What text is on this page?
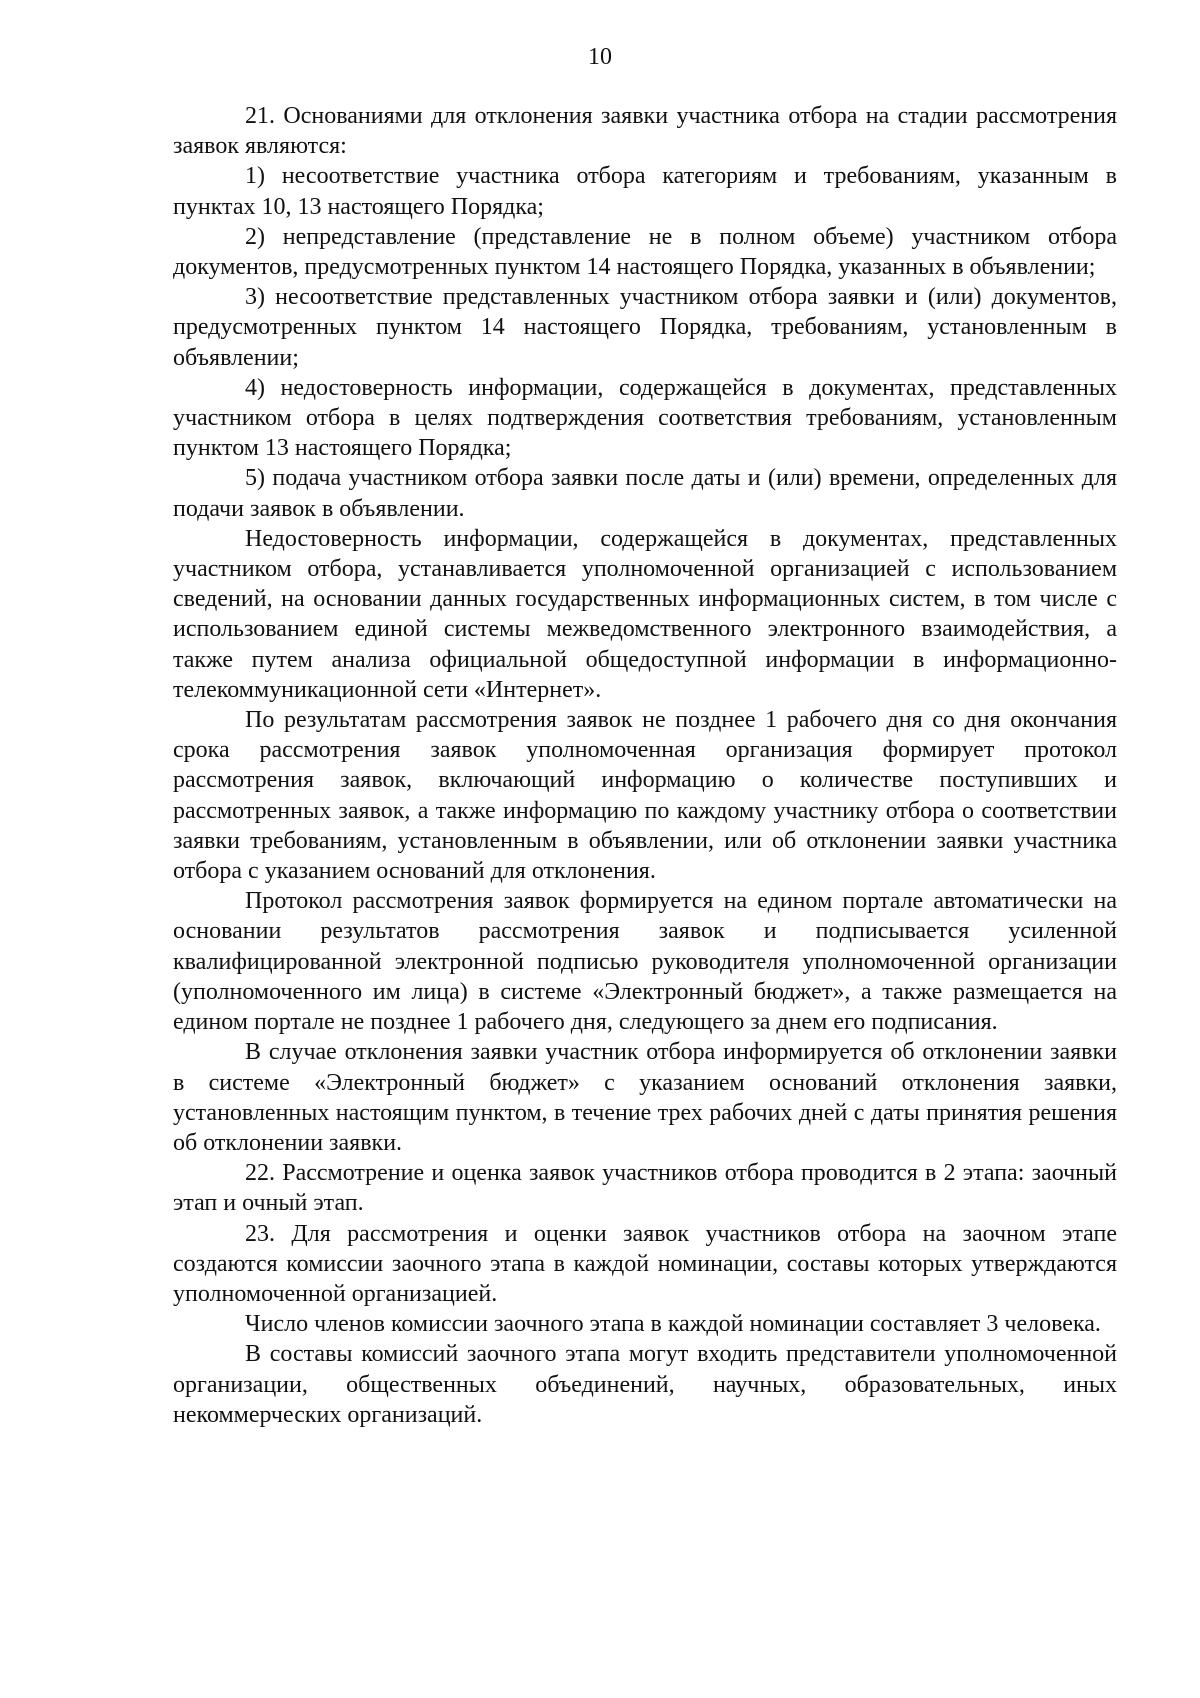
10

21. Основаниями для отклонения заявки участника отбора на стадии рассмотрения заявок являются:

1) несоответствие участника отбора категориям и требованиям, указанным в пунктах 10, 13 настоящего Порядка;

2) непредставление (представление не в полном объеме) участником отбора документов, предусмотренных пунктом 14 настоящего Порядка, указанных в объявлении;

3) несоответствие представленных участником отбора заявки и (или) документов, предусмотренных пунктом 14 настоящего Порядка, требованиям, установленным в объявлении;

4) недостоверность информации, содержащейся в документах, представленных участником отбора в целях подтверждения соответствия требованиям, установленным пунктом 13 настоящего Порядка;

5) подача участником отбора заявки после даты и (или) времени, определенных для подачи заявок в объявлении.

Недостоверность информации, содержащейся в документах, представленных участником отбора, устанавливается уполномоченной организацией с использованием сведений, на основании данных государственных информационных систем, в том числе с использованием единой системы межведомственного электронного взаимодействия, а также путем анализа официальной общедоступной информации в информационно-телекоммуникационной сети «Интернет».

По результатам рассмотрения заявок не позднее 1 рабочего дня со дня окончания срока рассмотрения заявок уполномоченная организация формирует протокол рассмотрения заявок, включающий информацию о количестве поступивших и рассмотренных заявок, а также информацию по каждому участнику отбора о соответствии заявки требованиям, установленным в объявлении, или об отклонении заявки участника отбора с указанием оснований для отклонения.

Протокол рассмотрения заявок формируется на едином портале автоматически на основании результатов рассмотрения заявок и подписывается усиленной квалифицированной электронной подписью руководителя уполномоченной организации (уполномоченного им лица) в системе «Электронный бюджет», а также размещается на едином портале не позднее 1 рабочего дня, следующего за днем его подписания.

В случае отклонения заявки участник отбора информируется об отклонении заявки в системе «Электронный бюджет» с указанием оснований отклонения заявки, установленных настоящим пунктом, в течение трех рабочих дней с даты принятия решения об отклонении заявки.

22. Рассмотрение и оценка заявок участников отбора проводится в 2 этапа: заочный этап и очный этап.

23. Для рассмотрения и оценки заявок участников отбора на заочном этапе создаются комиссии заочного этапа в каждой номинации, составы которых утверждаются уполномоченной организацией.

Число членов комиссии заочного этапа в каждой номинации составляет 3 человека.

В составы комиссий заочного этапа могут входить представители уполномоченной организации, общественных объединений, научных, образовательных, иных некоммерческих организаций.
